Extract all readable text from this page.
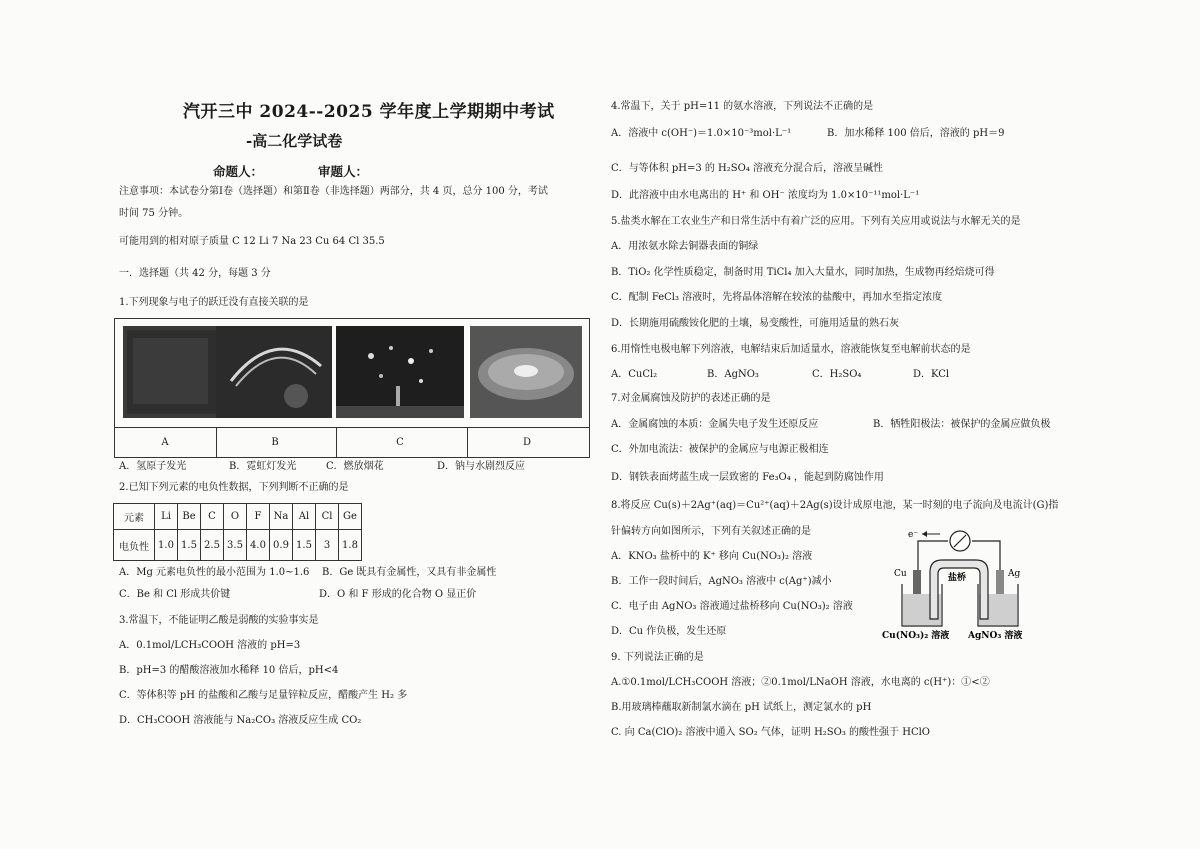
汽开三中 2024--2025 学年度上学期期中考试
-高二化学试卷
命题人：	审题人：
注意事项：本试卷分第Ⅰ卷（选择题）和第Ⅱ卷（非选择题）两部分，共 4 页，总分 100 分，考试
时间 75 分钟。
可能用到的相对原子质量 C 12 Li 7 Na 23 Cu 64 Cl 35.5
一．选择题（共 42 分，每题 3 分
1.下列现象与电子的跃迁没有直接关联的是
A	B	C	D
A．氢原子发光	B．霓虹灯发光	C．燃放烟花	D．钠与水剧烈反应
2.已知下列元素的电负性数据，下列判断不正确的是
元素	Li	Be	C	O	F	Na	Al	Cl	Ge
电负性	1.0	1.5	2.5	3.5	4.0	0.9	1.5	3	1.8
A．Mg 元素电负性的最小范围为 1.0~1.6 B．Ge 既具有金属性，又具有非金属性
C．Be 和 Cl 形成共价键	D．O 和 F 形成的化合物 O 显正价
3.常温下，不能证明乙酸是弱酸的实验事实是
A．0.1mol/LCH₃COOH 溶液的 pH=3
B．pH=3 的醋酸溶液加水稀释 10 倍后，pH<4
C．等体积等 pH 的盐酸和乙酸与足量锌粒反应，醋酸产生 H₂ 多
D．CH₃COOH 溶液能与 Na₂CO₃ 溶液反应生成 CO₂
4.常温下，关于 pH=11 的氨水溶液，下列说法不正确的是
A．溶液中 c(OH⁻)＝1.0×10⁻³mol·L⁻¹	B．加水稀释 100 倍后，溶液的 pH＝9
C．与等体积 pH=3 的 H₂SO₄ 溶液充分混合后，溶液呈碱性
D．此溶液中由水电离出的 H⁺ 和 OH⁻ 浓度均为 1.0×10⁻¹¹mol·L⁻¹
5.盐类水解在工农业生产和日常生活中有着广泛的应用。下列有关应用或说法与水解无关的是
A．用浓氨水除去铜器表面的铜绿
B．TiO₂ 化学性质稳定，制备时用 TiCl₄ 加入大量水，同时加热，生成物再经焙烧可得
C．配制 FeCl₃ 溶液时，先将晶体溶解在较浓的盐酸中，再加水至指定浓度
D．长期施用硫酸铵化肥的土壤，易变酸性，可施用适量的熟石灰
6.用惰性电极电解下列溶液，电解结束后加适量水，溶液能恢复至电解前状态的是
A．CuCl₂	B．AgNO₃	C．H₂SO₄	D．KCl
7.对金属腐蚀及防护的表述正确的是
A．金属腐蚀的本质：金属失电子发生还原反应	B．牺牲阳极法：被保护的金属应做负极
C．外加电流法：被保护的金属应与电源正极相连
D．钢铁表面烤蓝生成一层致密的 Fe₃O₄ ，能起到防腐蚀作用
8.将反应 Cu(s)＋2Ag⁺(aq)＝Cu²⁺(aq)＋2Ag(s)设计成原电池，某一时刻的电子流向及电流计(G)指
针偏转方向如图所示，下列有关叙述正确的是
A．KNO₃ 盐桥中的 K⁺ 移向 Cu(NO₃)₂ 溶液
B．工作一段时间后，AgNO₃ 溶液中 c(Ag⁺)减小
C．电子由 AgNO₃ 溶液通过盐桥移向 Cu(NO₃)₂ 溶液
D．Cu 作负极，发生还原
e⁻
Cu	Ag
盐桥
Cu(NO₃)₂ 溶液 AgNO₃ 溶液
9. 下列说法正确的是
A.①0.1mol/LCH₃COOH 溶液；②0.1mol/LNaOH 溶液，水电离的 c(H⁺)：①<②
B.用玻璃棒蘸取新制氯水滴在 pH 试纸上，测定氯水的 pH
C. 向 Ca(ClO)₂ 溶液中通入 SO₂ 气体，证明 H₂SO₃ 的酸性强于 HClO
